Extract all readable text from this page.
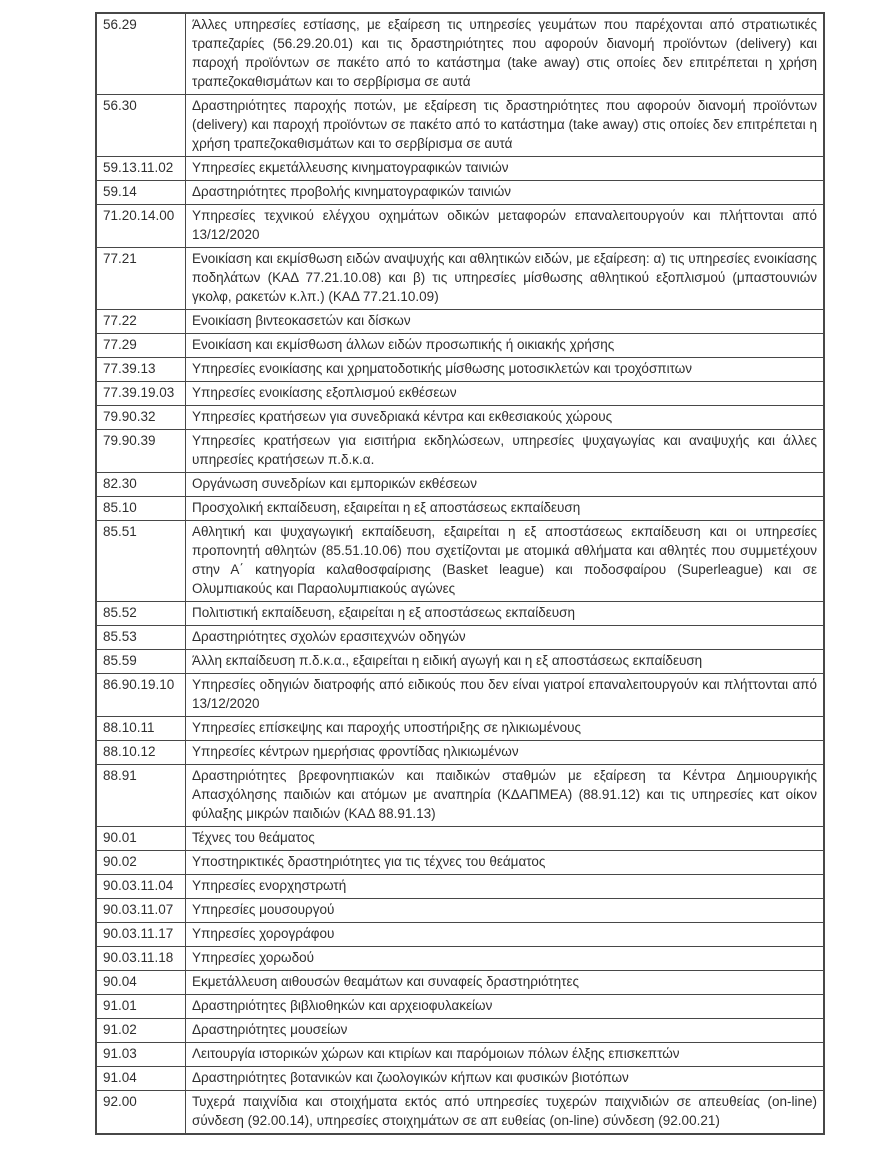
56.29	Άλλες υπηρεσίες εστίασης, με εξαίρεση τις υπηρεσίες γευμάτων που παρέχονται από στρατιωτικές τραπεζαρίες (56.29.20.01) και τις δραστηριότητες που αφορούν διανομή προϊόντων (delivery) και παροχή προϊόντων σε πακέτο από το κατάστημα (take away) στις οποίες δεν επιτρέπεται η χρήση τραπεζοκαθισμάτων και το σερβίρισμα σε αυτά
56.30	Δραστηριότητες παροχής ποτών, με εξαίρεση τις δραστηριότητες που αφορούν διανομή προϊόντων (delivery) και παροχή προϊόντων σε πακέτο από το κατάστημα (take away) στις οποίες δεν επιτρέπεται η χρήση τραπεζοκαθισμάτων και το σερβίρισμα σε αυτά
59.13.11.02	Υπηρεσίες εκμετάλλευσης κινηματογραφικών ταινιών
59.14	Δραστηριότητες προβολής κινηματογραφικών ταινιών
71.20.14.00	Υπηρεσίες τεχνικού ελέγχου οχημάτων οδικών μεταφορών επαναλειτουργούν και πλήττονται από 13/12/2020
77.21	Ενοικίαση και εκμίσθωση ειδών αναψυχής και αθλητικών ειδών, με εξαίρεση: α) τις υπηρεσίες ενοικίασης ποδηλάτων (ΚΑΔ 77.21.10.08) και β) τις υπηρεσίες μίσθωσης αθλητικού εξοπλισμού (μπαστουνιών γκολφ, ρακετών κ.λπ.) (ΚΑΔ 77.21.10.09)
77.22	Ενοικίαση βιντεοκασετών και δίσκων
77.29	Ενοικίαση και εκμίσθωση άλλων ειδών προσωπικής ή οικιακής χρήσης
77.39.13	Υπηρεσίες ενοικίασης και χρηματοδοτικής μίσθωσης μοτοσικλετών και τροχόσπιτων
77.39.19.03	Υπηρεσίες ενοικίασης εξοπλισμού εκθέσεων
79.90.32	Υπηρεσίες κρατήσεων για συνεδριακά κέντρα και εκθεσιακούς χώρους
79.90.39	Υπηρεσίες κρατήσεων για εισιτήρια εκδηλώσεων, υπηρεσίες ψυχαγωγίας και αναψυχής και άλλες υπηρεσίες κρατήσεων π.δ.κ.α.
82.30	Οργάνωση συνεδρίων και εμπορικών εκθέσεων
85.10	Προσχολική εκπαίδευση, εξαιρείται η εξ αποστάσεως εκπαίδευση
85.51	Αθλητική και ψυχαγωγική εκπαίδευση, εξαιρείται η εξ αποστάσεως εκπαίδευση και οι υπηρεσίες προπονητή αθλητών (85.51.10.06) που σχετίζονται με ατομικά αθλήματα και αθλητές που συμμετέχουν στην Α΄ κατηγορία καλαθοσφαίρισης (Basket league) και ποδοσφαίρου (Superleague) και σε Ολυμπιακούς και Παραολυμπιακούς αγώνες
85.52	Πολιτιστική εκπαίδευση, εξαιρείται η εξ αποστάσεως εκπαίδευση
85.53	Δραστηριότητες σχολών ερασιτεχνών οδηγών
85.59	Άλλη εκπαίδευση π.δ.κ.α., εξαιρείται η ειδική αγωγή και η εξ αποστάσεως εκπαίδευση
86.90.19.10	Υπηρεσίες οδηγιών διατροφής από ειδικούς που δεν είναι γιατροί επαναλειτουργούν και πλήττονται από 13/12/2020
88.10.11	Υπηρεσίες επίσκεψης και παροχής υποστήριξης σε ηλικιωμένους
88.10.12	Υπηρεσίες κέντρων ημερήσιας φροντίδας ηλικιωμένων
88.91	Δραστηριότητες βρεφονηπιακών και παιδικών σταθμών με εξαίρεση τα Κέντρα Δημιουργικής Απασχόλησης παιδιών και ατόμων με αναπηρία (ΚΔΑΠΜΕΑ) (88.91.12) και τις υπηρεσίες κατ οίκον φύλαξης μικρών παιδιών (ΚΑΔ 88.91.13)
90.01	Τέχνες του θεάματος
90.02	Υποστηρικτικές δραστηριότητες για τις τέχνες του θεάματος
90.03.11.04	Υπηρεσίες ενορχηστρωτή
90.03.11.07	Υπηρεσίες μουσουργού
90.03.11.17	Υπηρεσίες χορογράφου
90.03.11.18	Υπηρεσίες χορωδού
90.04	Εκμετάλλευση αιθουσών θεαμάτων και συναφείς δραστηριότητες
91.01	Δραστηριότητες βιβλιοθηκών και αρχειοφυλακείων
91.02	Δραστηριότητες μουσείων
91.03	Λειτουργία ιστορικών χώρων και κτιρίων και παρόμοιων πόλων έλξης επισκεπτών
91.04	Δραστηριότητες βοτανικών και ζωολογικών κήπων και φυσικών βιοτόπων
92.00	Τυχερά παιχνίδια και στοιχήματα εκτός από υπηρεσίες τυχερών παιχνιδιών σε απευθείας (on-line) σύνδεση (92.00.14), υπηρεσίες στοιχημάτων σε απ ευθείας (on-line) σύνδεση (92.00.21)
